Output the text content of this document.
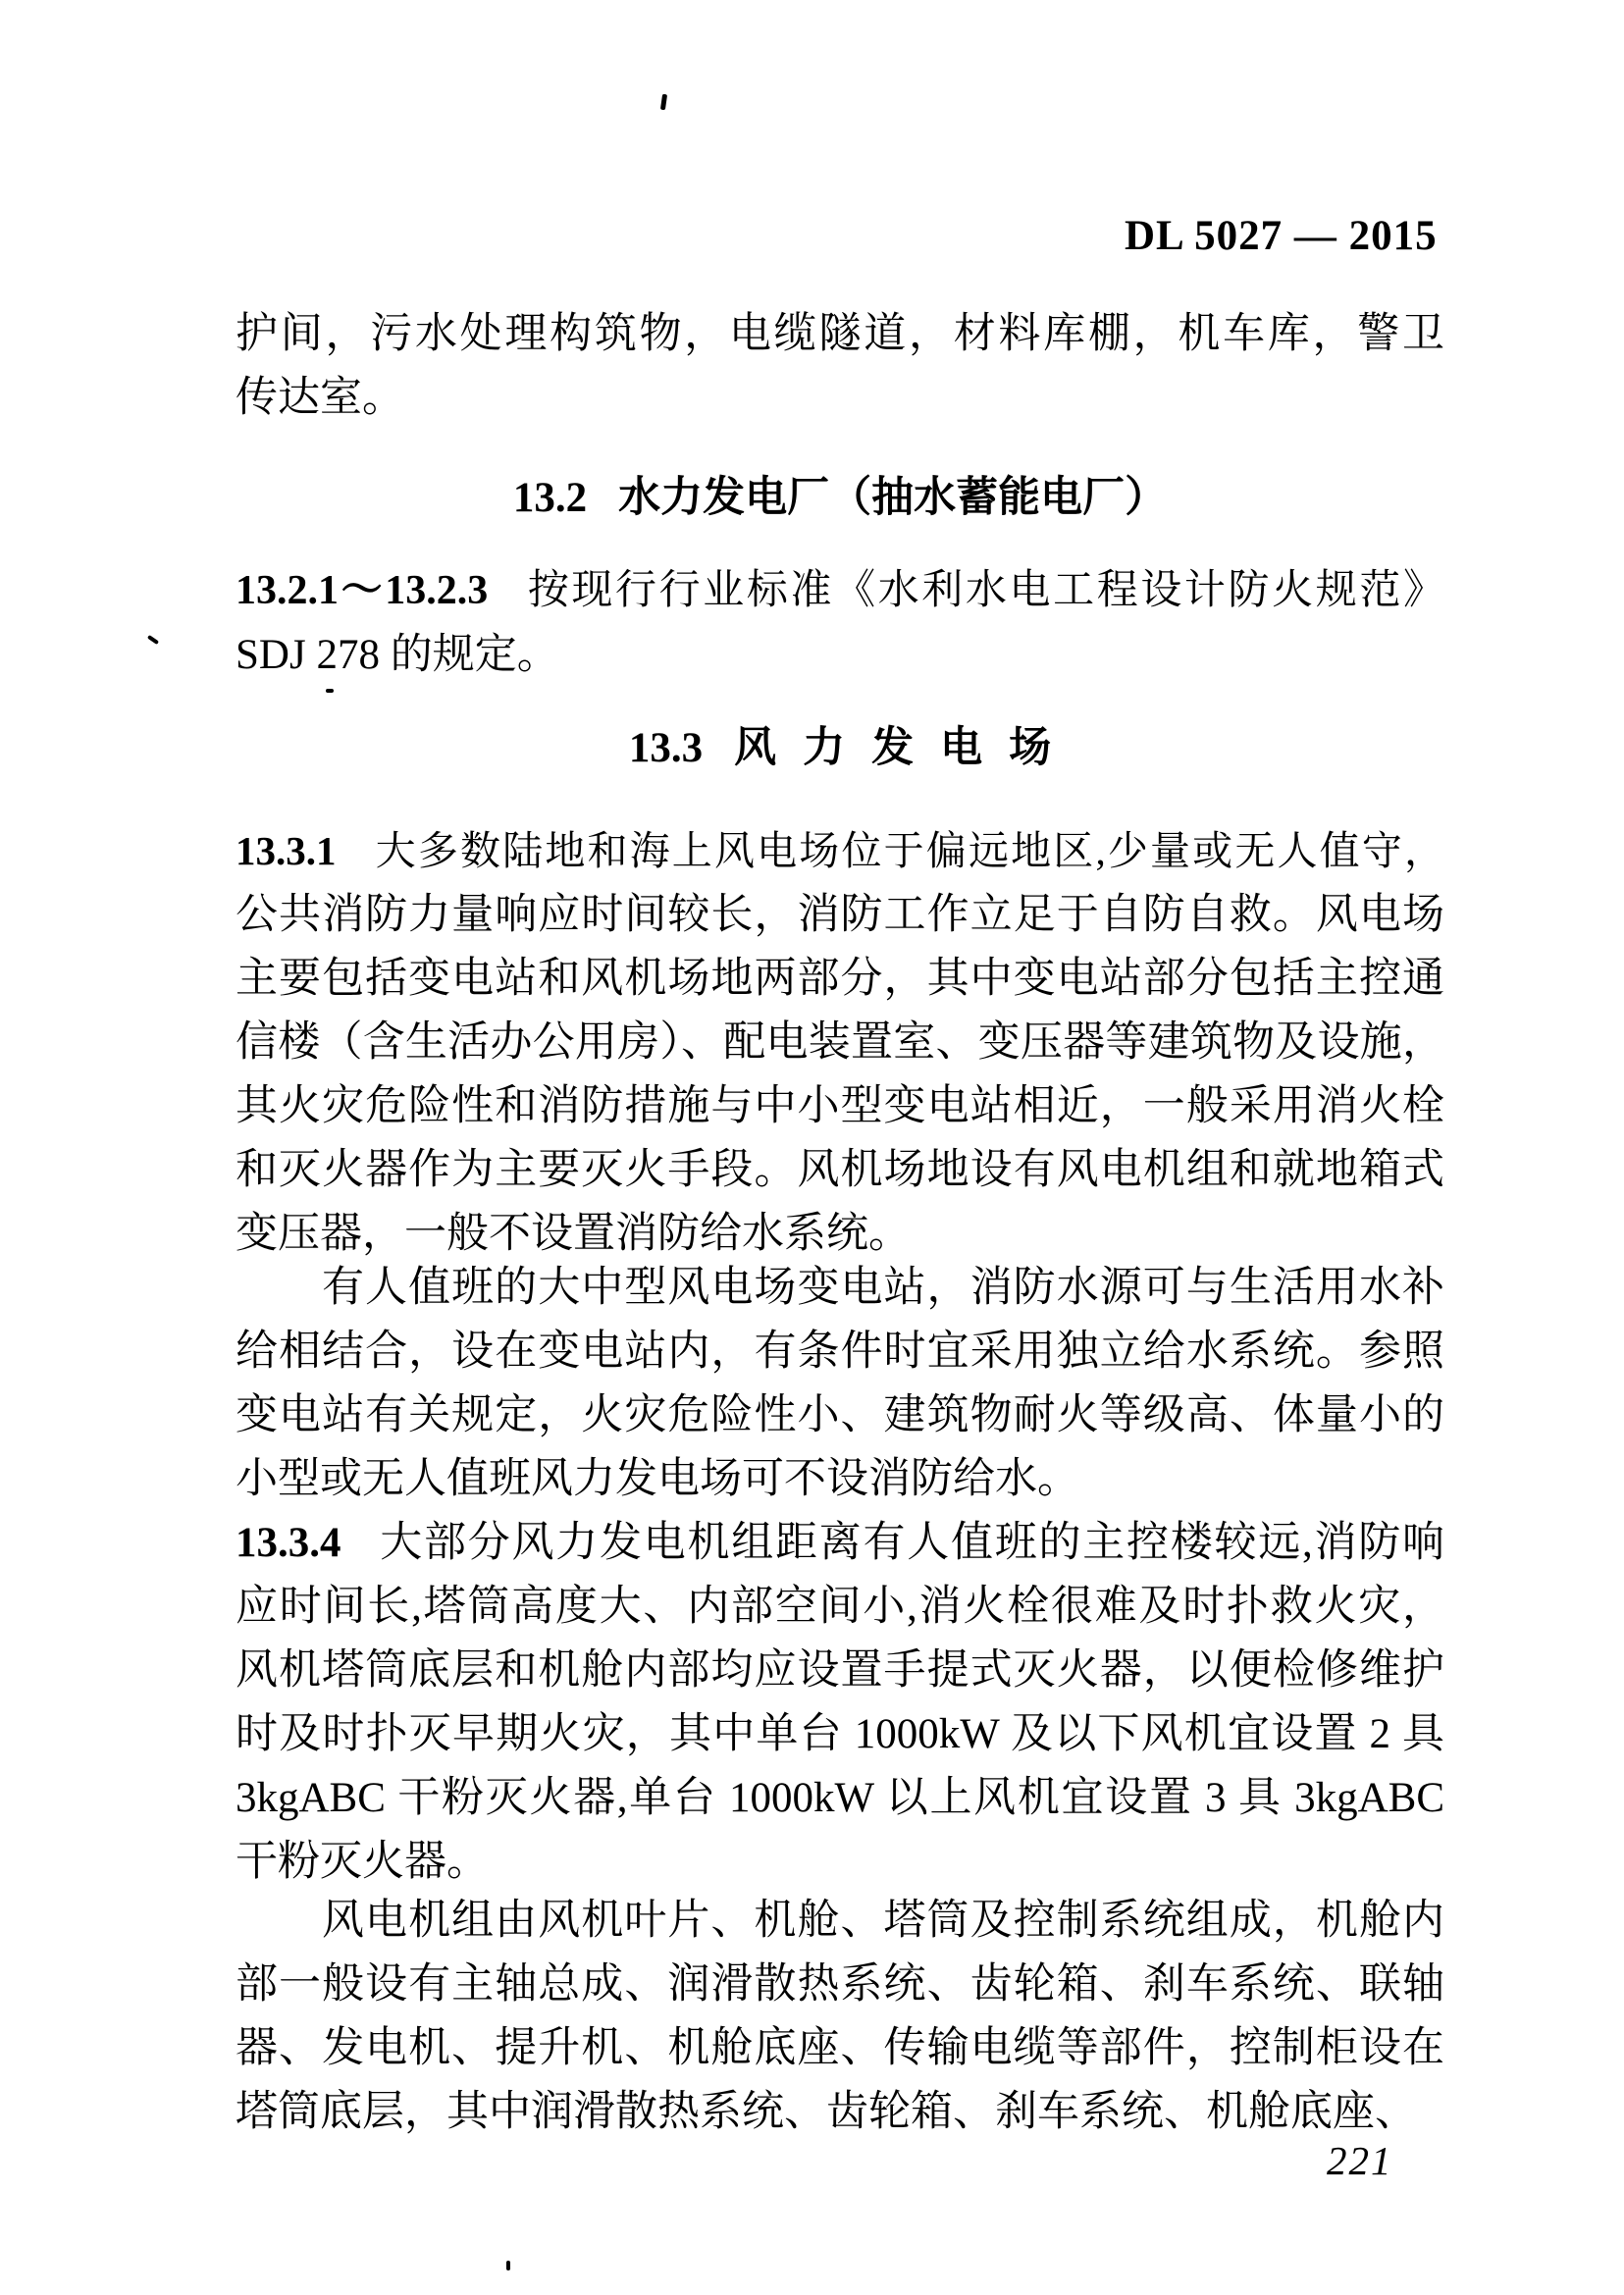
DL 5027 — 2015
护间，污水处理构筑物，电缆隧道，材料库棚，机车库，警卫
传达室。
13.2 水力发电厂（抽水蓄能电厂）
13.2.1～13.2.3 按现行行业标准《水利水电工程设计防火规范》
SDJ 278 的规定。
13.3 风力发电场
13.3.1 大多数陆地和海上风电场位于偏远地区,少量或无人值守，
公共消防力量响应时间较长，消防工作立足于自防自救。风电场
主要包括变电站和风机场地两部分，其中变电站部分包括主控通
信楼（含生活办公用房）、配电装置室、变压器等建筑物及设施，
其火灾危险性和消防措施与中小型变电站相近，一般采用消火栓
和灭火器作为主要灭火手段。风机场地设有风电机组和就地箱式
变压器，一般不设置消防给水系统。
有人值班的大中型风电场变电站，消防水源可与生活用水补
给相结合，设在变电站内，有条件时宜采用独立给水系统。参照
变电站有关规定，火灾危险性小、建筑物耐火等级高、体量小的
小型或无人值班风力发电场可不设消防给水。
13.3.4 大部分风力发电机组距离有人值班的主控楼较远,消防响
应时间长,塔筒高度大、内部空间小,消火栓很难及时扑救火灾，
风机塔筒底层和机舱内部均应设置手提式灭火器，以便检修维护
时及时扑灭早期火灾，其中单台 1000kW 及以下风机宜设置 2 具
3kgABC 干粉灭火器,单台 1000kW 以上风机宜设置 3 具 3kgABC
干粉灭火器。
风电机组由风机叶片、机舱、塔筒及控制系统组成，机舱内
部一般设有主轴总成、润滑散热系统、齿轮箱、刹车系统、联轴
器、发电机、提升机、机舱底座、传输电缆等部件，控制柜设在
塔筒底层，其中润滑散热系统、齿轮箱、刹车系统、机舱底座、
221
